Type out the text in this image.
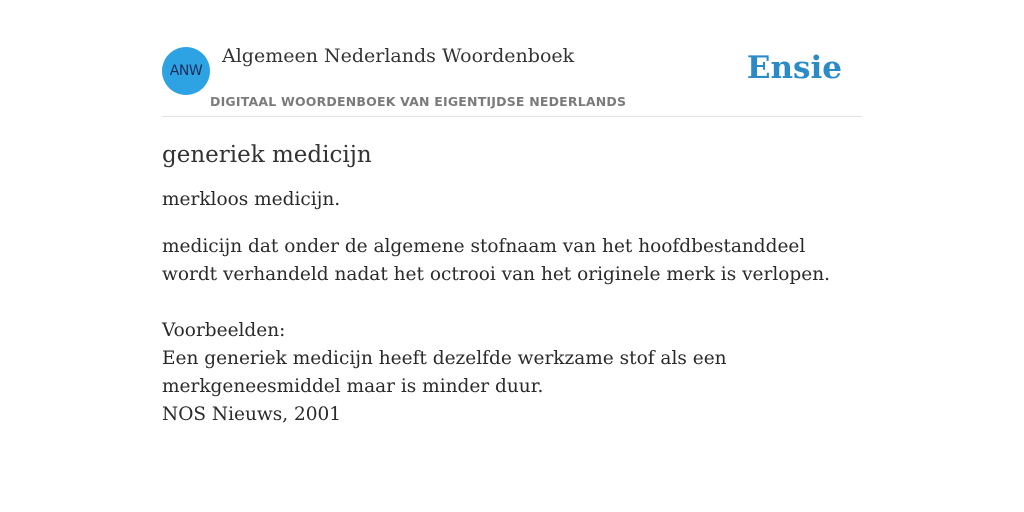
ANW
Algemeen Nederlands Woordenboek
DIGITAAL WOORDENBOEK VAN EIGENTIJDSE NEDERLANDS
Ensie
generiek medicijn

merkloos medicijn.

medicijn dat onder de algemene stofnaam van het hoofdbestanddeel wordt verhandeld nadat het octrooi van het originele merk is verlopen.

Voorbeelden:
Een generiek medicijn heeft dezelfde werkzame stof als een merkgeneesmiddel maar is minder duur.
NOS Nieuws, 2001
